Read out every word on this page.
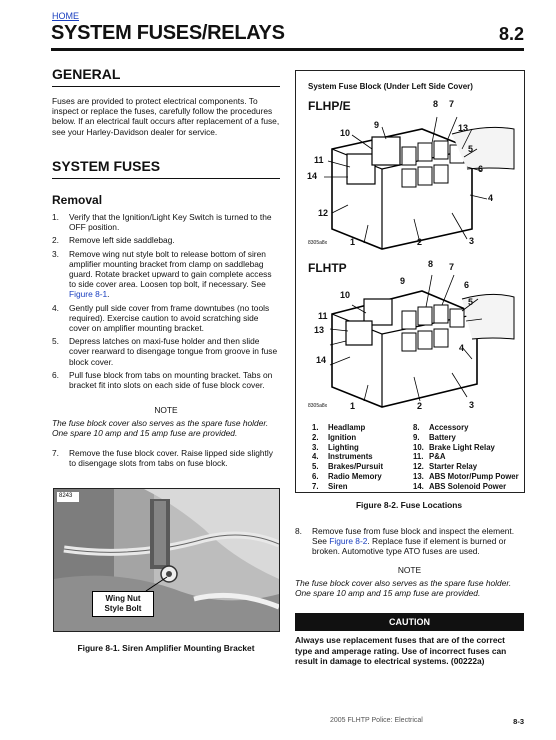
HOME
SYSTEM FUSES/RELAYS	8.2
GENERAL
Fuses are provided to protect electrical components. To inspect or replace the fuses, carefully follow the procedures below. If an electrical fault occurs after replacement of a fuse, see your Harley-Davidson dealer for service.
SYSTEM FUSES
Removal
1. Verify that the Ignition/Light Key Switch is turned to the OFF position.
2. Remove left side saddlebag.
3. Remove wing nut style bolt to release bottom of siren amplifier mounting bracket from clamp on saddlebag guard. Rotate bracket upward to gain complete access to side cover area. Loosen top bolt, if necessary. See Figure 8-1.
4. Gently pull side cover from frame downtubes (no tools required). Exercise caution to avoid scratching side cover on amplifier mounting bracket.
5. Depress latches on maxi-fuse holder and then slide cover rearward to disengage tongue from groove in fuse block cover.
6. Pull fuse block from tabs on mounting bracket. Tabs on bracket fit into slots on each side of fuse block cover.
NOTE
The fuse block cover also serves as the spare fuse holder. One spare 10 amp and 15 amp fuse are provided.
7. Remove the fuse block cover. Raise lipped side slightly to disengage slots from tabs on fuse block.
8243
Wing Nut
Style Bolt
Figure 8-1. Siren Amplifier Mounting Bracket
System Fuse Block (Under Left Side Cover)
FLHP/E	8 7
9
10	13
5
11
14
6
4
12
1	2	3
8305a8x
FLHTP	8 7
6
10
5
11
13
14
4
1	2	3
9
8305a8x
1. Headlamp	8. Accessory
2. Ignition	9. Battery
3. Lighting	10. Brake Light Relay
4. Instruments	11. P&A
5. Brakes/Pursuit	12. Starter Relay
6. Radio Memory	13. ABS Motor/Pump Power
7. Siren	14. ABS Solenoid Power
Figure 8-2. Fuse Locations
8. Remove fuse from fuse block and inspect the element. See Figure 8-2. Replace fuse if element is burned or broken. Automotive type ATO fuses are used.
NOTE
The fuse block cover also serves as the spare fuse holder. One spare 10 amp and 15 amp fuse are provided.
CAUTION
Always use replacement fuses that are of the correct type and amperage rating. Use of incorrect fuses can result in damage to electrical systems. (00222a)
2005 FLHTP Police: Electrical	8-3
